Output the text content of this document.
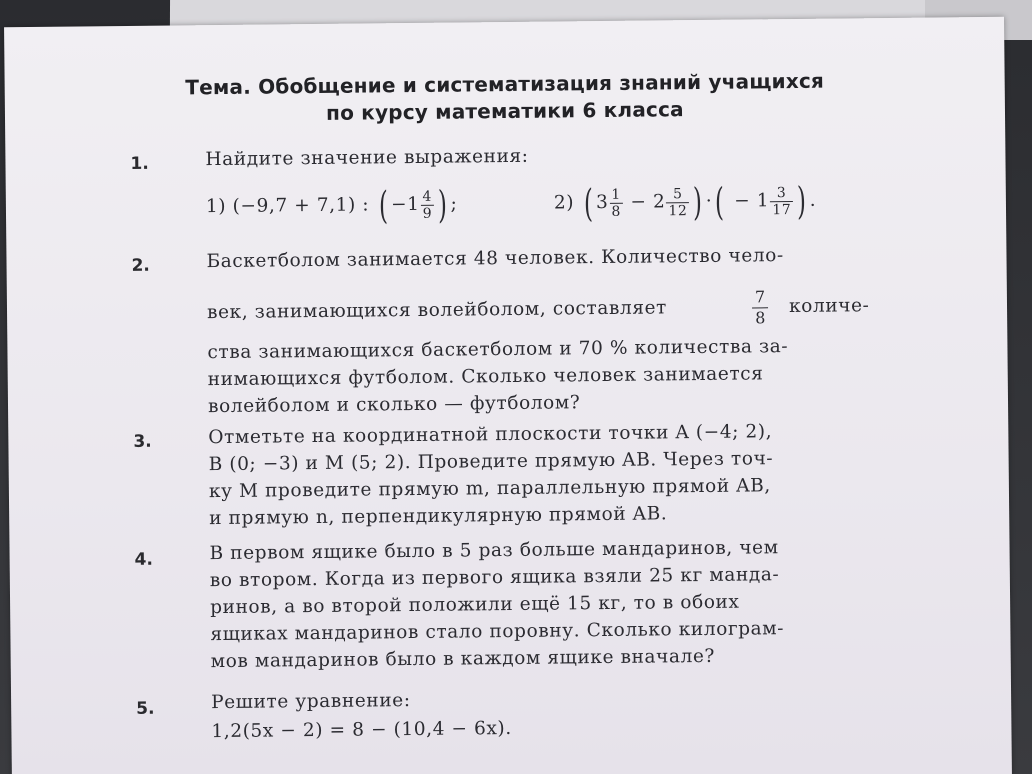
Тема. Обобщение и систематизация знаний учащихся
по курсу математики 6 класса
1.	Найдите значение выражения:
1) (−9,7 + 7,1) : ( $-1 \frac{4}{9}$ ) ;	2) ( $3 \frac{1}{8} - 2 \frac{5}{12}$ ) ·( − $1 \frac{3}{17}$ ) .
2.	Баскетболом занимается 48 человек. Количество чело-
век, занимающихся волейболом, составляет	$\frac{7}{8}$ количе-
ства занимающихся баскетболом и 70 % количества за-
нимающихся футболом. Сколько человек занимается
волейболом и сколько — футболом?
3.	Отметьте на координатной плоскости точки A (−4; 2),
B (0; −3) и M (5; 2). Проведите прямую AB. Через точ-
ку M проведите прямую m, параллельную прямой AB,
и прямую n, перпендикулярную прямой AB.
4.	В первом ящике было в 5 раз больше мандаринов, чем
во втором. Когда из первого ящика взяли 25 кг манда-
ринов, а во второй положили ещё 15 кг, то в обоих
ящиках мандаринов стало поровну. Сколько килограм-
мов мандаринов было в каждом ящике вначале?
5.	Решите уравнение:
1,2(5x − 2) = 8 − (10,4 − 6x).
